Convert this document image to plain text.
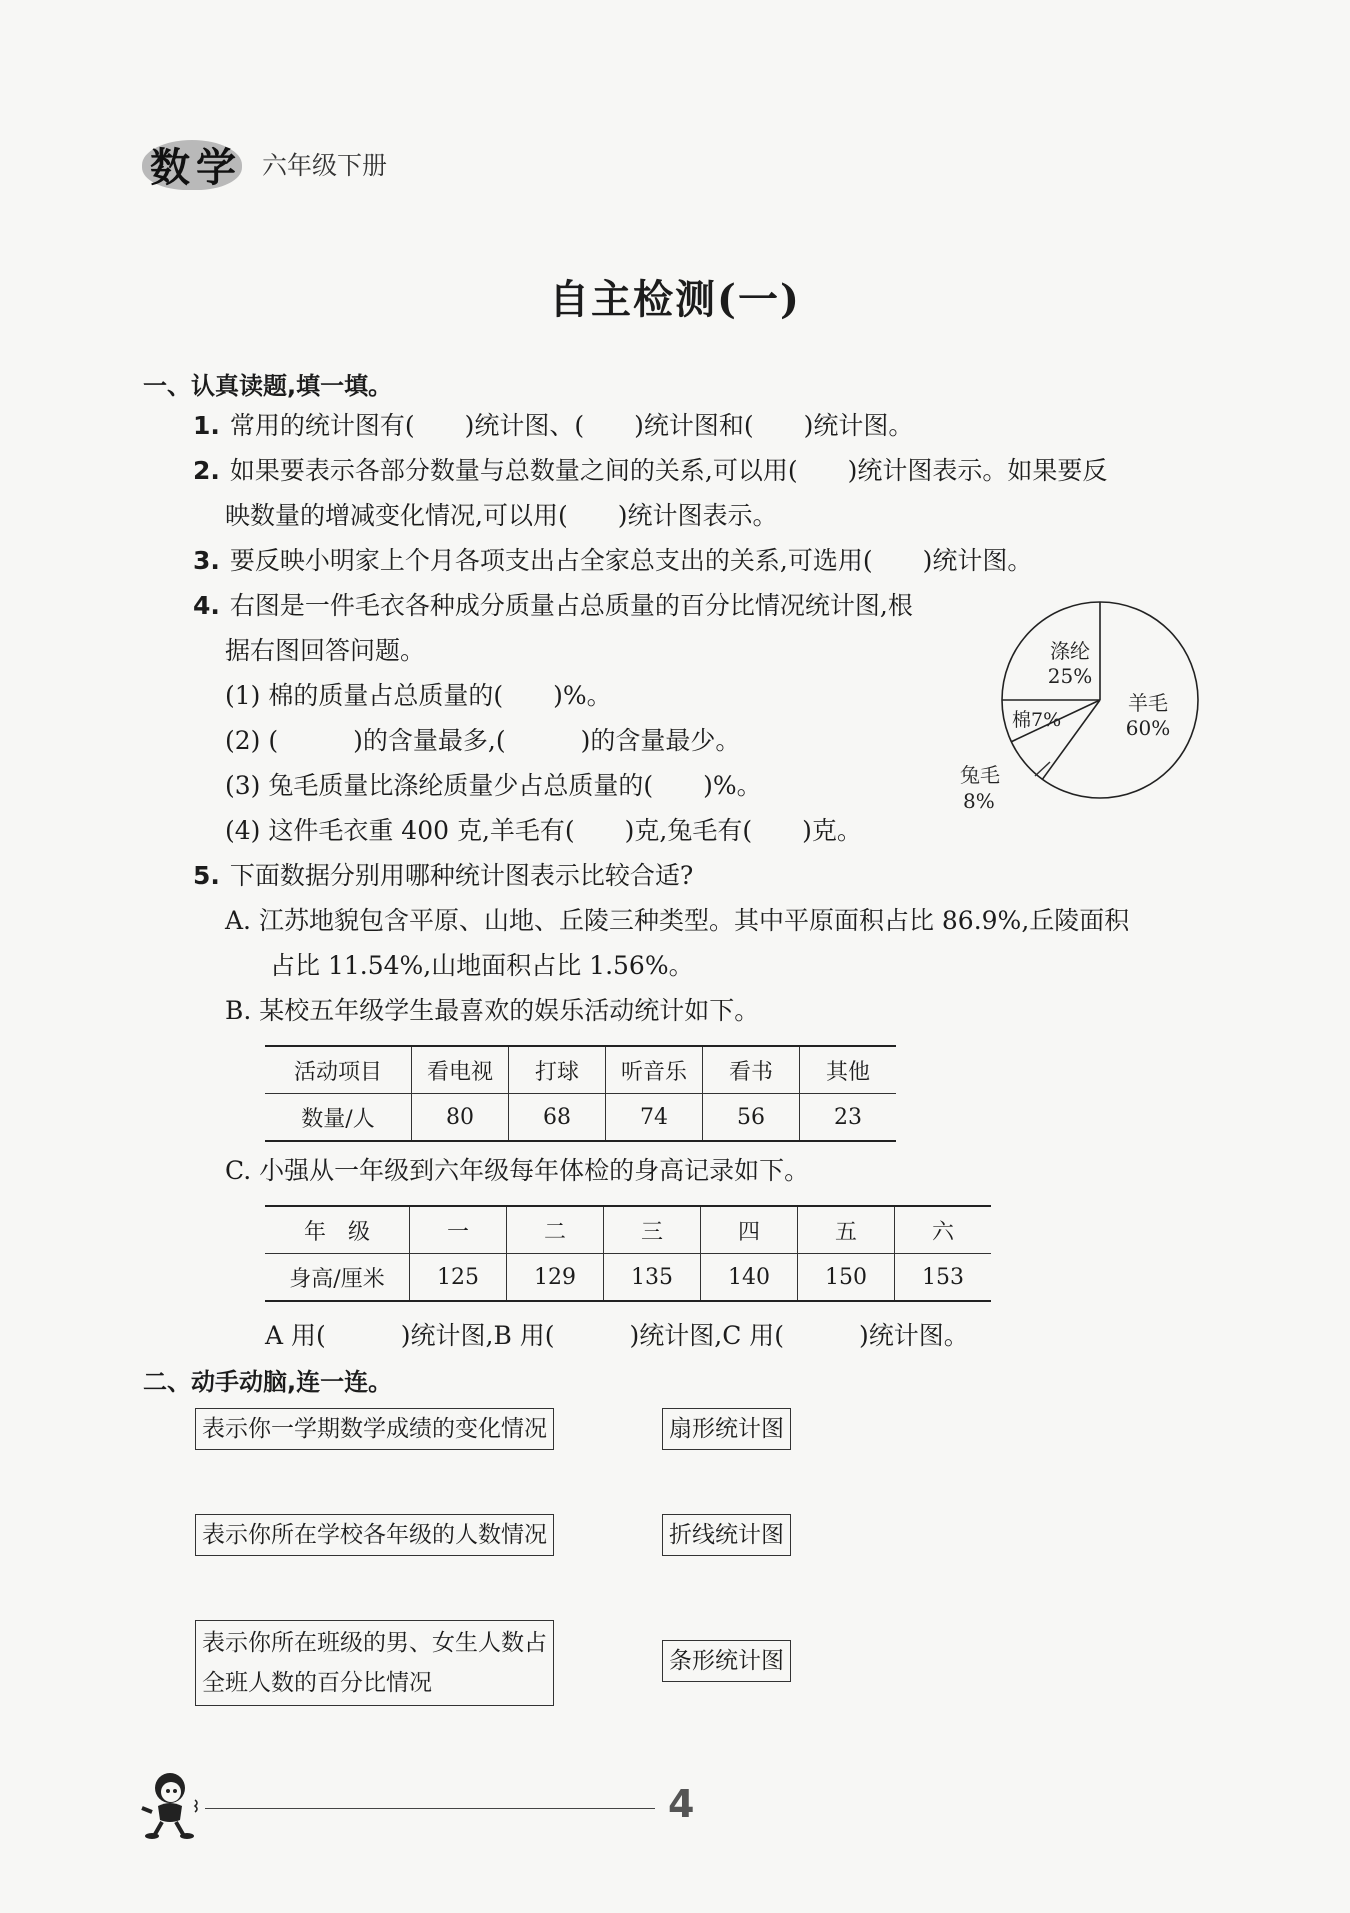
数学 六年级下册
自主检测(一)
一、认真读题,填一填。
1. 常用的统计图有(　　)统计图、(　　)统计图和(　　)统计图。
2. 如果要表示各部分数量与总数量之间的关系,可以用(　　)统计图表示。如果要反
映数量的增减变化情况,可以用(　　)统计图表示。
3. 要反映小明家上个月各项支出占全家总支出的关系,可选用(　　)统计图。
4. 右图是一件毛衣各种成分质量占总质量的百分比情况统计图,根
据右图回答问题。
(1) 棉的质量占总质量的(　　)%。
(2) (　　　)的含量最多,(　　　)的含量最少。
(3) 兔毛质量比涤纶质量少占总质量的(　　)%。
(4) 这件毛衣重 400 克,羊毛有(　　)克,兔毛有(　　)克。
涤纶
25%
羊毛
60%
棉7%
兔毛
8%
5. 下面数据分别用哪种统计图表示比较合适?
A. 江苏地貌包含平原、山地、丘陵三种类型。其中平原面积占比 86.9%,丘陵面积
占比 11.54%,山地面积占比 1.56%。
B. 某校五年级学生最喜欢的娱乐活动统计如下。
活动项目	看电视	打球	听音乐	看书	其他
数量/人	80	68	74	56	23
C. 小强从一年级到六年级每年体检的身高记录如下。
年　级	一	二	三	四	五	六
身高/厘米	125	129	135	140	150	153
A 用(　　　)统计图,B 用(　　　)统计图,C 用(　　　)统计图。
二、动手动脑,连一连。
表示你一学期数学成绩的变化情况
表示你所在学校各年级的人数情况
表示你所在班级的男、女生人数占
全班人数的百分比情况
扇形统计图
折线统计图
条形统计图
4
